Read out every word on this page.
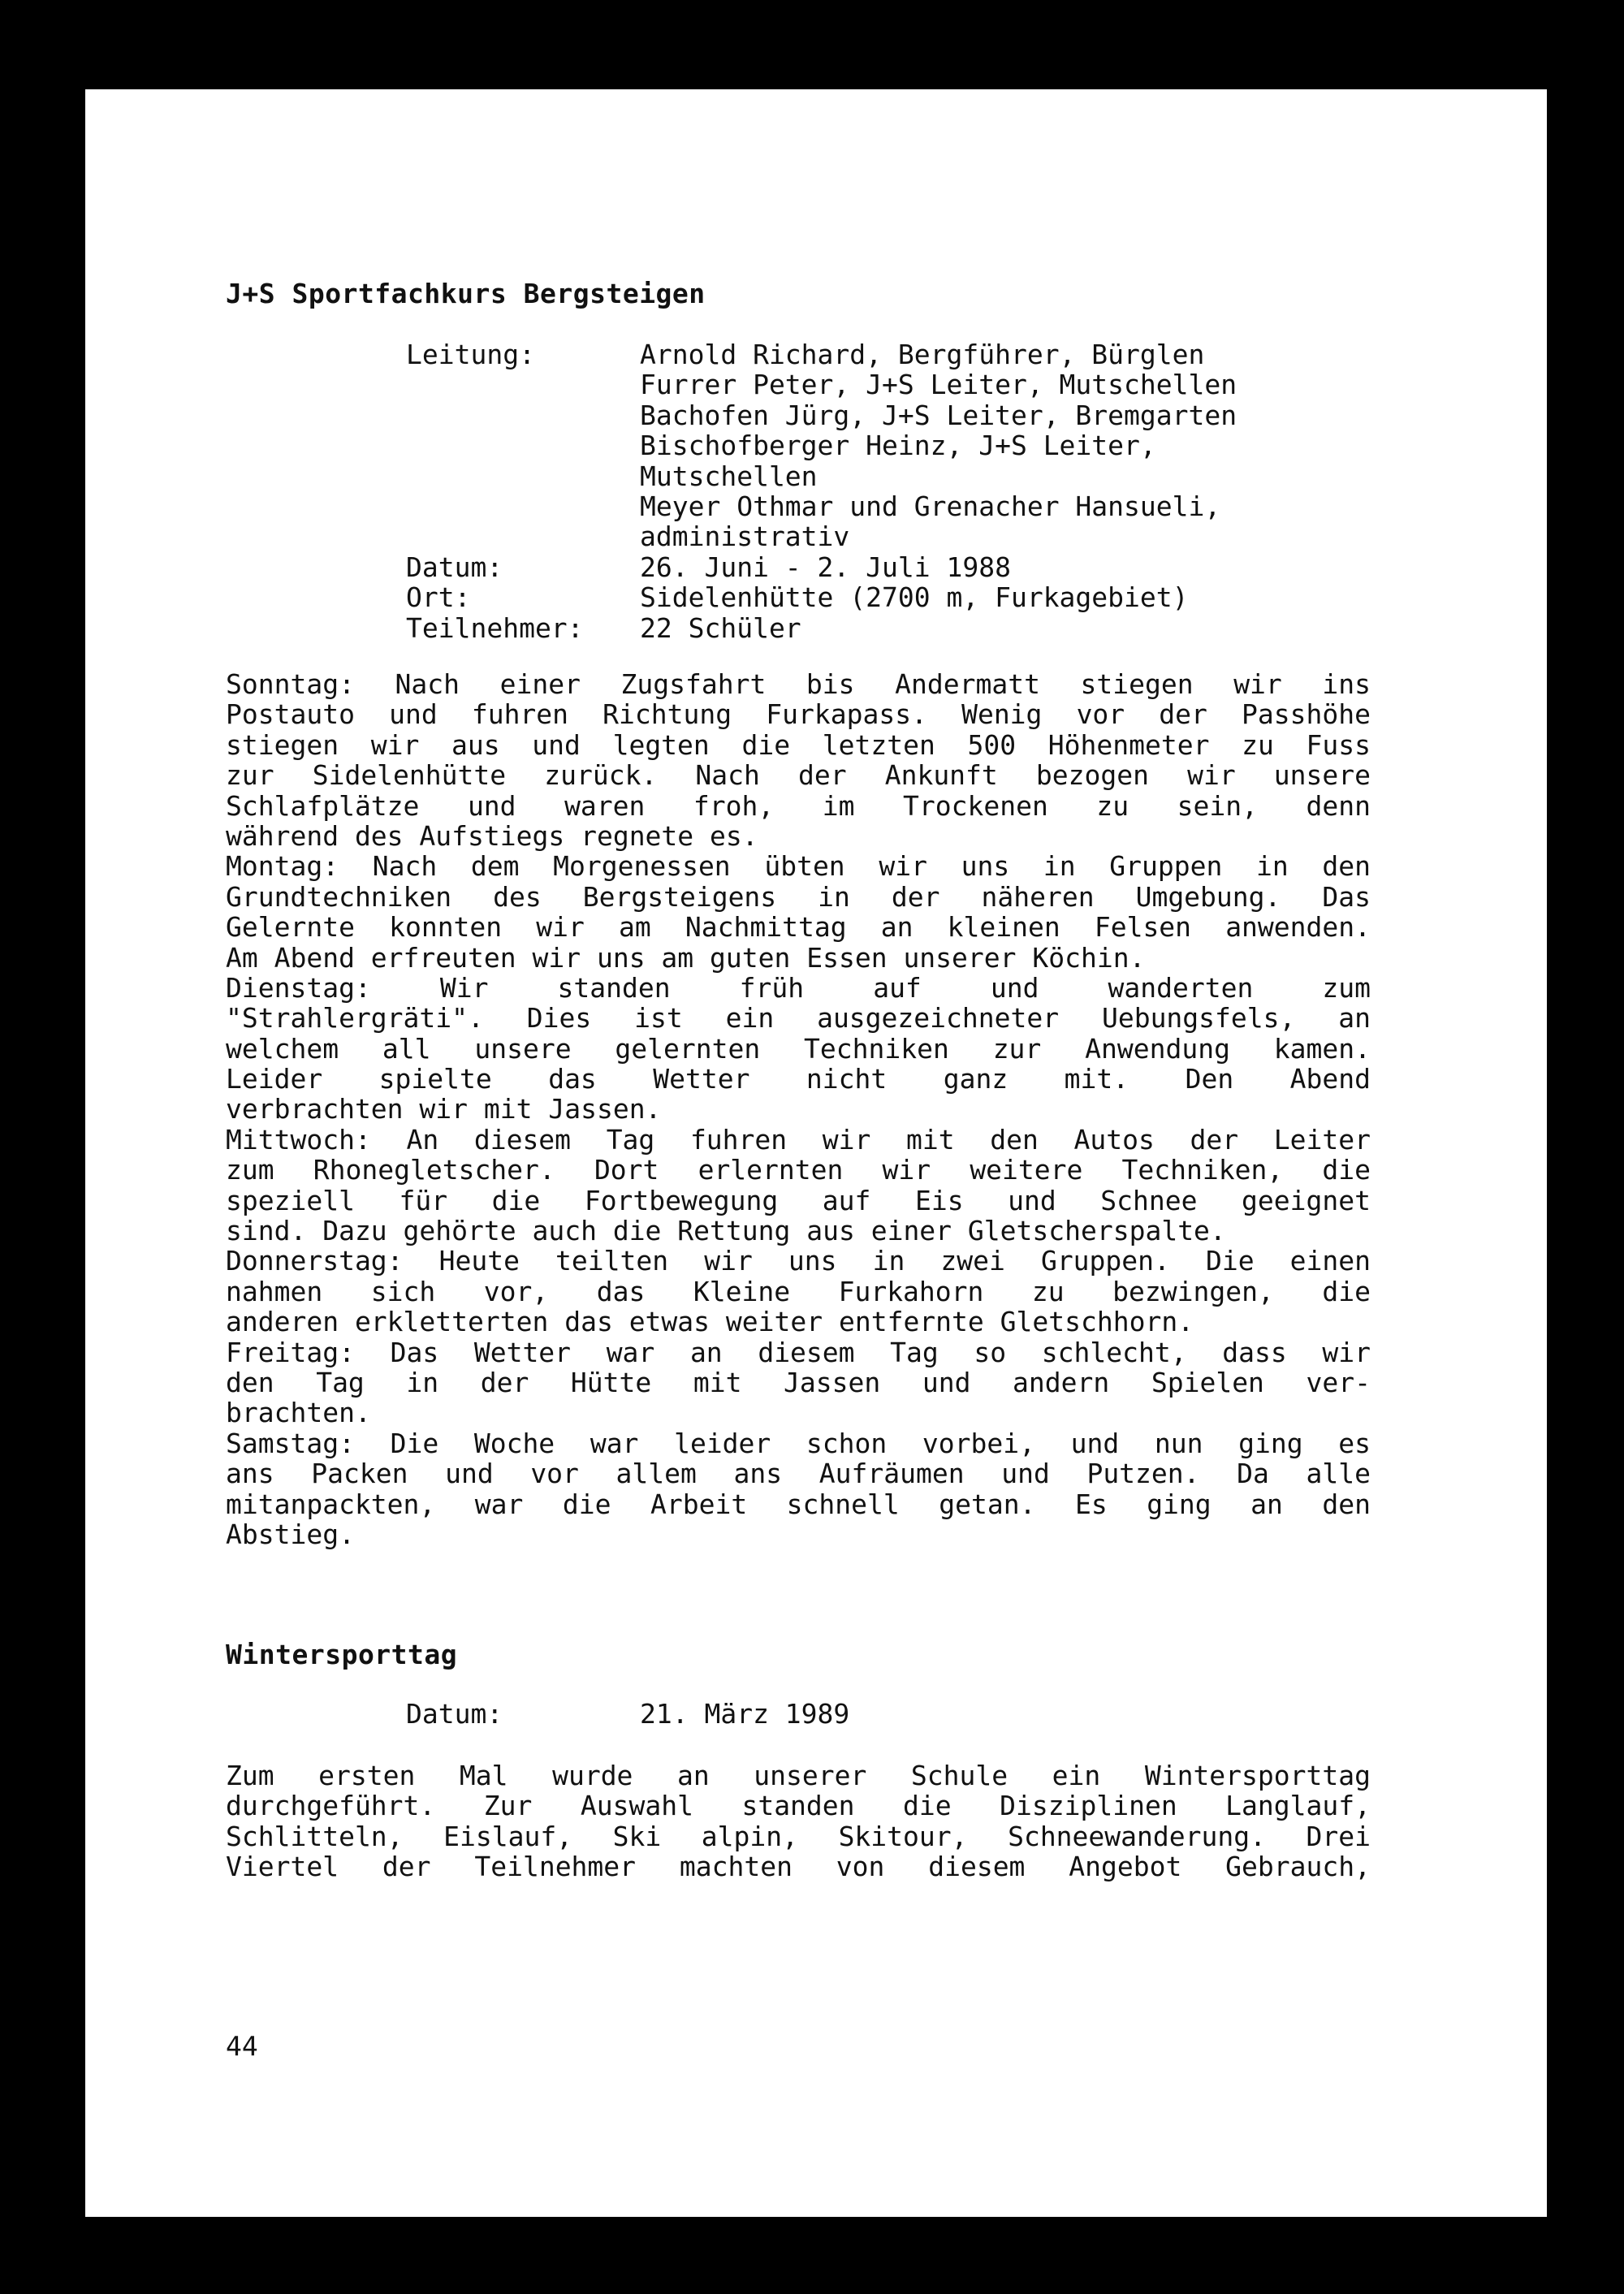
J+S Sportfachkurs Bergsteigen
Leitung:	Arnold Richard, Bergführer, Bürglen
Furrer Peter, J+S Leiter, Mutschellen
Bachofen Jürg, J+S Leiter, Bremgarten
Bischofberger Heinz, J+S Leiter,
Mutschellen
Meyer Othmar und Grenacher Hansueli,
administrativ
Datum:	26. Juni - 2. Juli 1988
Ort:	Sidelenhütte (2700 m, Furkagebiet)
Teilnehmer:	22 Schüler
Sonntag: Nach einer Zugsfahrt bis Andermatt stiegen wir ins
Postauto und fuhren Richtung Furkapass. Wenig vor der Passhöhe
stiegen wir aus und legten die letzten 500 Höhenmeter zu Fuss
zur Sidelenhütte zurück. Nach der Ankunft bezogen wir unsere
Schlafplätze und waren froh, im Trockenen zu sein, denn
während des Aufstiegs regnete es.
Montag: Nach dem Morgenessen übten wir uns in Gruppen in den
Grundtechniken des Bergsteigens in der näheren Umgebung. Das
Gelernte konnten wir am Nachmittag an kleinen Felsen anwenden.
Am Abend erfreuten wir uns am guten Essen unserer Köchin.
Dienstag: Wir standen früh auf und wanderten zum
"Strahlergräti". Dies ist ein ausgezeichneter Uebungsfels, an
welchem all unsere gelernten Techniken zur Anwendung kamen.
Leider spielte das Wetter nicht ganz mit. Den Abend
verbrachten wir mit Jassen.
Mittwoch: An diesem Tag fuhren wir mit den Autos der Leiter
zum Rhonegletscher. Dort erlernten wir weitere Techniken, die
speziell für die Fortbewegung auf Eis und Schnee geeignet
sind. Dazu gehörte auch die Rettung aus einer Gletscherspalte.
Donnerstag: Heute teilten wir uns in zwei Gruppen. Die einen
nahmen sich vor, das Kleine Furkahorn zu bezwingen, die
anderen erkletterten das etwas weiter entfernte Gletschhorn.
Freitag: Das Wetter war an diesem Tag so schlecht, dass wir
den Tag in der Hütte mit Jassen und andern Spielen ver-
brachten.
Samstag: Die Woche war leider schon vorbei, und nun ging es
ans Packen und vor allem ans Aufräumen und Putzen. Da alle
mitanpackten, war die Arbeit schnell getan. Es ging an den
Abstieg.
Wintersporttag
Datum:	21. März 1989
Zum ersten Mal wurde an unserer Schule ein Wintersporttag
durchgeführt. Zur Auswahl standen die Disziplinen Langlauf,
Schlitteln, Eislauf, Ski alpin, Skitour, Schneewanderung. Drei
Viertel der Teilnehmer machten von diesem Angebot Gebrauch,
44
